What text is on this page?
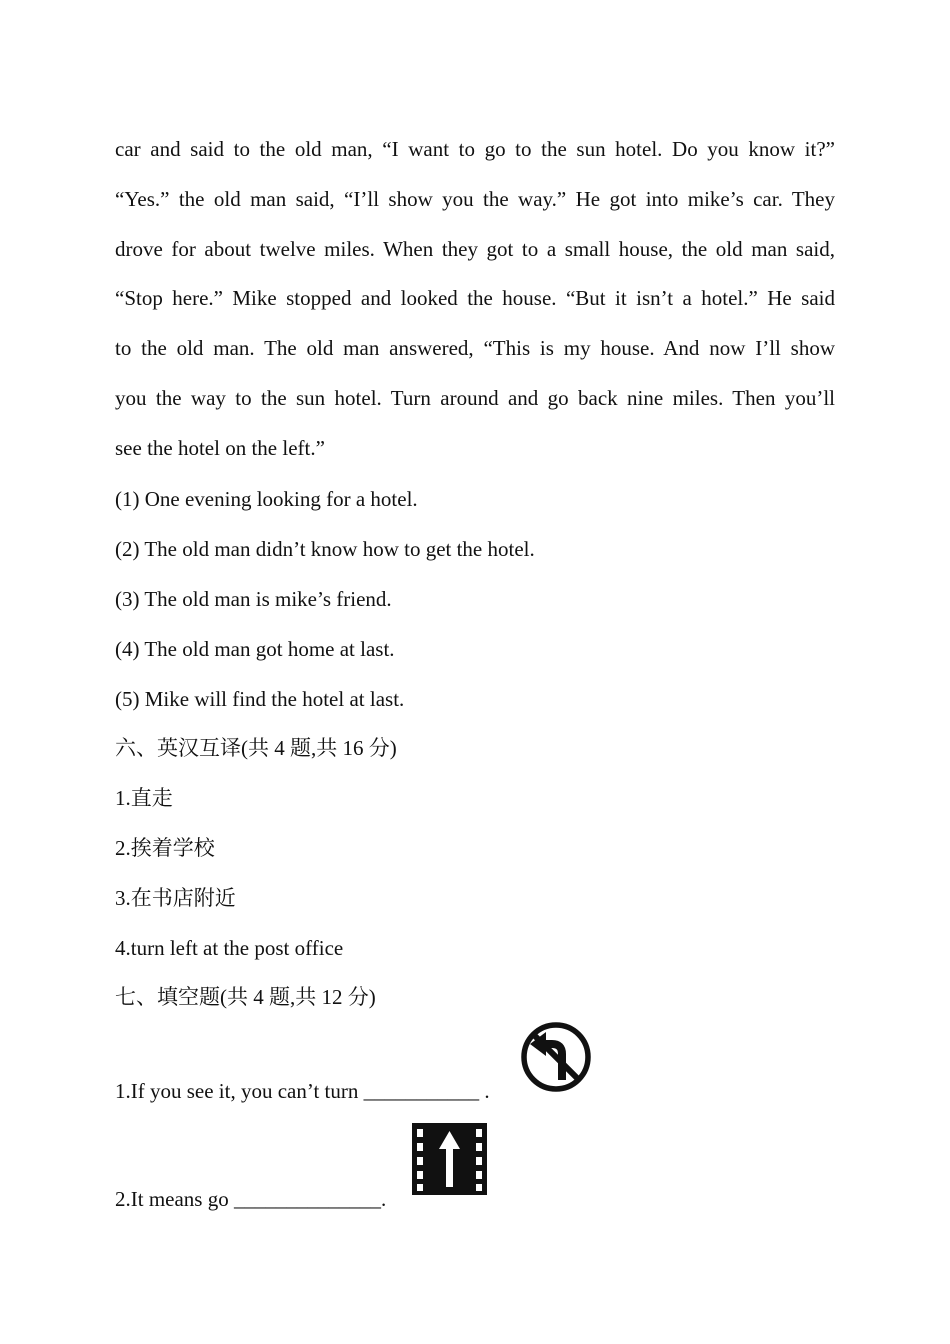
car and said to the old man, “I want to go to the sun hotel. Do you know it?”
“Yes.” the old man said, “I’ll show you the way.” He got into mike’s car. They
drove for about twelve miles. When they got to a small house, the old man said,
“Stop here.” Mike stopped and looked the house. “But it isn’t a hotel.” He said
to the old man. The old man answered, “This is my house. And now I’ll show
you the way to the sun hotel. Turn around and go back nine miles. Then you’ll
see the hotel on the left.”
(1) One evening looking for a hotel.
(2) The old man didn’t know how to get the hotel.
(3) The old man is mike’s friend.
(4) The old man got home at last.
(5) Mike will find the hotel at last.
六、英汉互译(共 4 题,共 16 分)
1.直走
2.挨着学校
3.在书店附近
4.turn left at the post office
七、填空题(共 4 题,共 12 分)
1.If you see it, you can’t turn ___________ .
2.It means go ______________.
